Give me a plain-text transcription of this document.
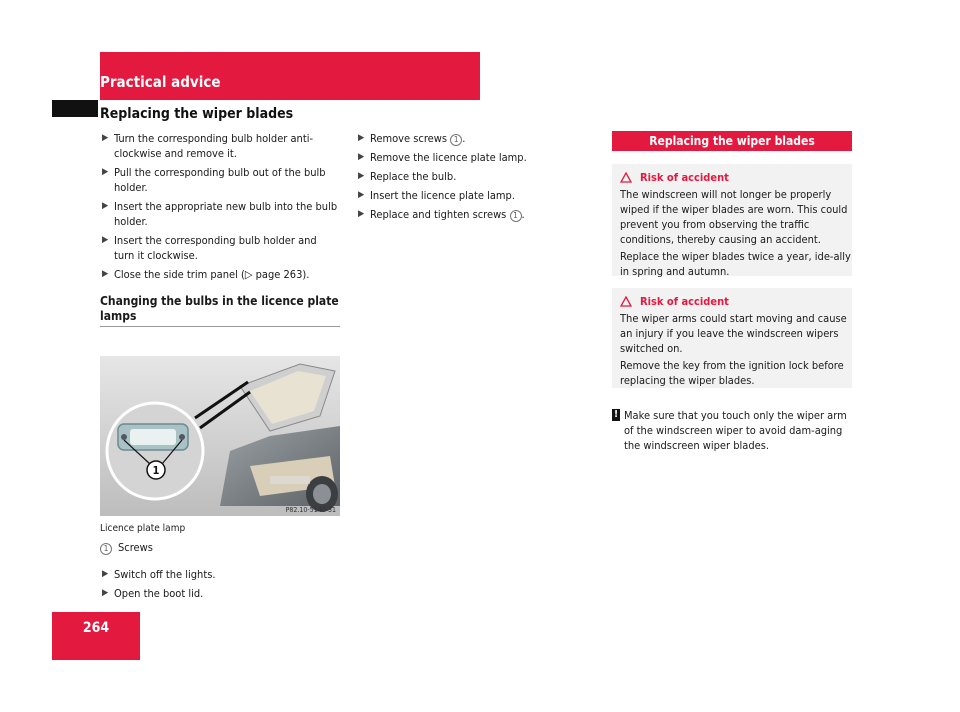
Practical advice
Replacing the wiper blades
▶ Turn the corresponding bulb holder anti-clockwise and remove it.
▶ Pull the corresponding bulb out of the bulb holder.
▶ Insert the appropriate new bulb into the bulb holder.
▶ Insert the corresponding bulb holder and turn it clockwise.
▶ Close the side trim panel (▷ page 263).
Changing the bulbs in the licence plate lamps
1
P82.10-5140-31
Licence plate lamp
1 Screws
▶ Switch off the lights.
▶ Open the boot lid.
▶ Remove screws 1 .
▶ Remove the licence plate lamp.
▶ Replace the bulb.
▶ Insert the licence plate lamp.
▶ Replace and tighten screws 1 .
Replacing the wiper blades
Risk of accident

The windscreen will not longer be properly wiped if the wiper blades are worn. This could prevent you from observing the traffic conditions, thereby causing an accident.

Replace the wiper blades twice a year, ide-ally in spring and autumn.

Risk of accident

The wiper arms could start moving and cause an injury if you leave the windscreen wipers switched on.

Remove the key from the ignition lock before replacing the wiper blades.

! Make sure that you touch only the wiper arm of the windscreen wiper to avoid dam-aging the windscreen wiper blades.
264
